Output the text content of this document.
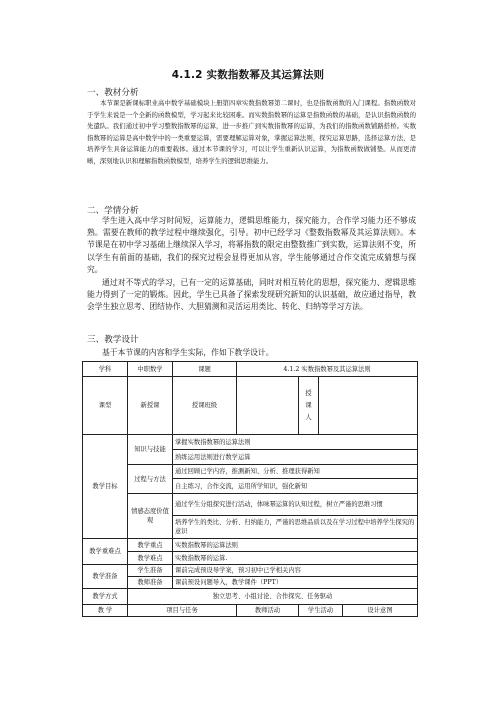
4.1.2 实数指数幂及其运算法则
一、教材分析
本节课是新课标职业高中数学基础模块上册第四章实数指数幂第二课时，也是指数函数的入门课程。指数函数对于学生来说是一个全新的函数模型，学习起来比较困难。而实数指数幂的运算是指数函数的基础，是认识指数函数的先遣队。我们通过初中学习整数指数幂的运算，进一步推广到实数指数幂的运算，为我们的指数函数铺路搭桥。实数指数幂的运算是高中数学中的一类重要运算，需要理解运算对象，掌握运算法则，探究运算思路，选择运算方法，是培养学生具备运算能力的重要载体。通过本节课的学习，可以让学生重新认识运算，为指数函数做铺垫。从而更清晰，深刻地认识和理解指数函数模型，培养学生的逻辑思维能力。
二、学情分析
学生进入高中学习时间短，运算能力，逻辑思维能力，探究能力，合作学习能力还不够成熟。需要在教师的教学过程中继续强化，引导。初中已经学习《整数指数幂及其运算法则》。本节课是在初中学习基础上继续深入学习，将幂指数的限定由整数推广到实数，运算法则不变，所以学生有前面的基础，我们的探究过程会显得更加从容，学生能够通过合作交流完成猜想与探究。
通过对不等式的学习，已有一定的运算基础，同时对相互转化的思想，探究能力、逻辑思维能力得到了一定的锻炼。因此，学生已具备了探索发现研究新知的认识基础，故应通过指导，教会学生独立思考、团结协作、大胆猜测和灵活运用类比、转化、归纳等学习方法。
三、教学设计
基于本节课的内容和学生实际，作如下教学设计。
学科	中职数学	课题	4.1.2 实数指数幂及其运算法则			
课型	新授课	授课班级		授
课
人		

教学目标	知识与技能	掌握实数指数幂的运算法则				
		熟练运用法则进行数学运算				
	过程与方法	通过回顾已学内容，推测新知、分析、推理获得新知				
		自主练习，合作交流，运用所学知识，强化新知				
	情感态度价值观	通过学生分组探究进行活动，体味幂运算的认知过程，树立严谨的思维习惯				
		培养学生的类比、分析、归纳能力，严谨的思维品质以及在学习过程中培养学生探究的意识				
教学重难点	教学重点	实数指数幂的运算法则				
	教学难点	实数指数幂的运算.				
教学准备	学生准备	课前完成预设导学案，预习初中已学相关内容				
	教师准备	课前预设问题导入，教学课件（PPT）				
教学方式	独立思考、小组讨论、合作探究、任务驱动					
教 学	项目与任务		教师活动	学生活动		设计意图
